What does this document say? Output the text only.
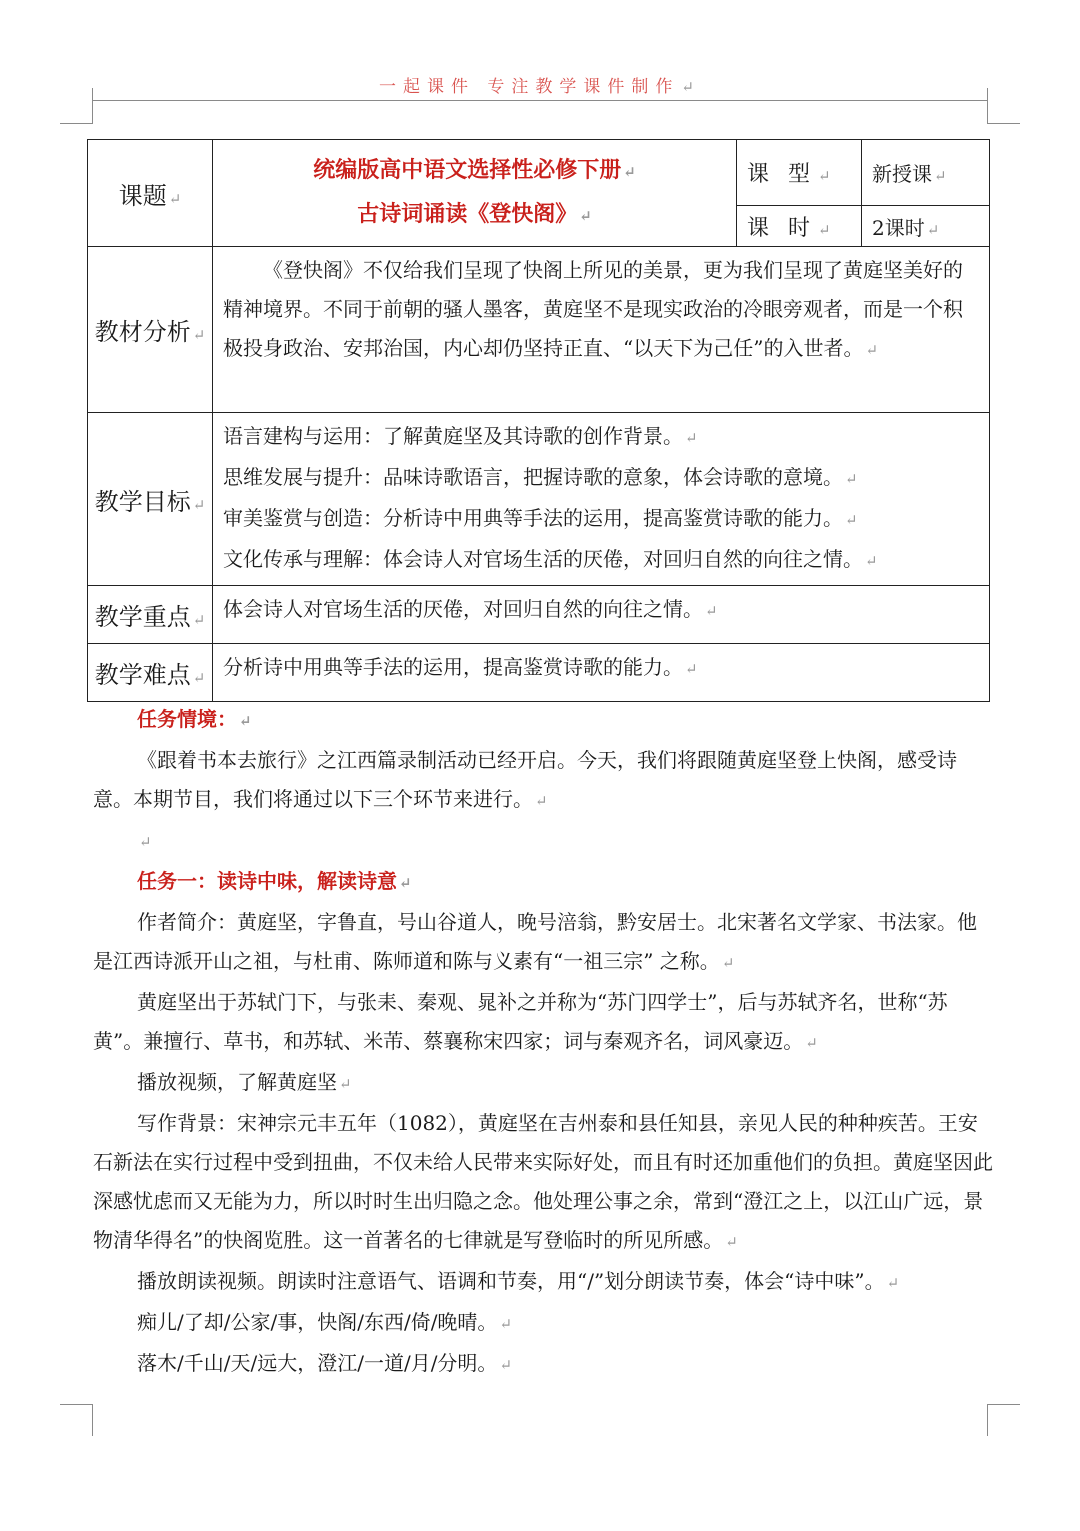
一起课件 专注教学课件制作 ↵
课题 ↵	统编版高中语文选择性必修下册 ↵
古诗词诵读《登快阁》 ↵	课 型 ↵	新授课 ↵
		课 时 ↵	2课时 ↵
教材分析 ↵	《登快阁》不仅给我们呈现了快阁上所见的美景，更为我们呈现了黄庭坚美好的精神境界。不同于前朝的骚人墨客，黄庭坚不是现实政治的冷眼旁观者，而是一个积极投身政治、安邦治国，内心却仍坚持正直、“以天下为己任”的入世者。 ↵		

教学目标 ↵	语言建构与运用：了解黄庭坚及其诗歌的创作背景。 ↵

思维发展与提升：品味诗歌语言，把握诗歌的意象，体会诗歌的意境。 ↵

审美鉴赏与创造：分析诗中用典等手法的运用，提高鉴赏诗歌的能力。 ↵

文化传承与理解：体会诗人对官场生活的厌倦，对回归自然的向往之情。 ↵		

教学重点 ↵	体会诗人对官场生活的厌倦，对回归自然的向往之情。 ↵		

教学难点 ↵	分析诗中用典等手法的运用，提高鉴赏诗歌的能力。 ↵		

任务情境： ↵

《跟着书本去旅行》之江西篇录制活动已经开启。今天，我们将跟随黄庭坚登上快阁，感受诗意。本期节目，我们将通过以下三个环节来进行。 ↵

↵

任务一：读诗中味，解读诗意 ↵

作者简介：黄庭坚，字鲁直，号山谷道人，晚号涪翁，黔安居士。北宋著名文学家、书法家。他是江西诗派开山之祖，与杜甫、陈师道和陈与义素有“一祖三宗” 之称。 ↵

黄庭坚出于苏轼门下，与张耒、秦观、晁补之并称为“苏门四学士”，后与苏轼齐名，世称“苏黄”。兼擅行、草书，和苏轼、米芾、蔡襄称宋四家；词与秦观齐名，词风豪迈。 ↵

播放视频，了解黄庭坚 ↵

写作背景：宋神宗元丰五年（1082），黄庭坚在吉州泰和县任知县，亲见人民的种种疾苦。王安石新法在实行过程中受到扭曲，不仅未给人民带来实际好处，而且有时还加重他们的负担。黄庭坚因此深感忧虑而又无能为力，所以时时生出归隐之念。他处理公事之余，常到“澄江之上，以江山广远，景物清华得名”的快阁览胜。这一首著名的七律就是写登临时的所见所感。 ↵

播放朗读视频。朗读时注意语气、语调和节奏，用“/”划分朗读节奏，体会“诗中味”。 ↵

痴儿/了却/公家/事，快阁/东西/倚/晚晴。 ↵

落木/千山/天/远大，澄江/一道/月/分明。 ↵
